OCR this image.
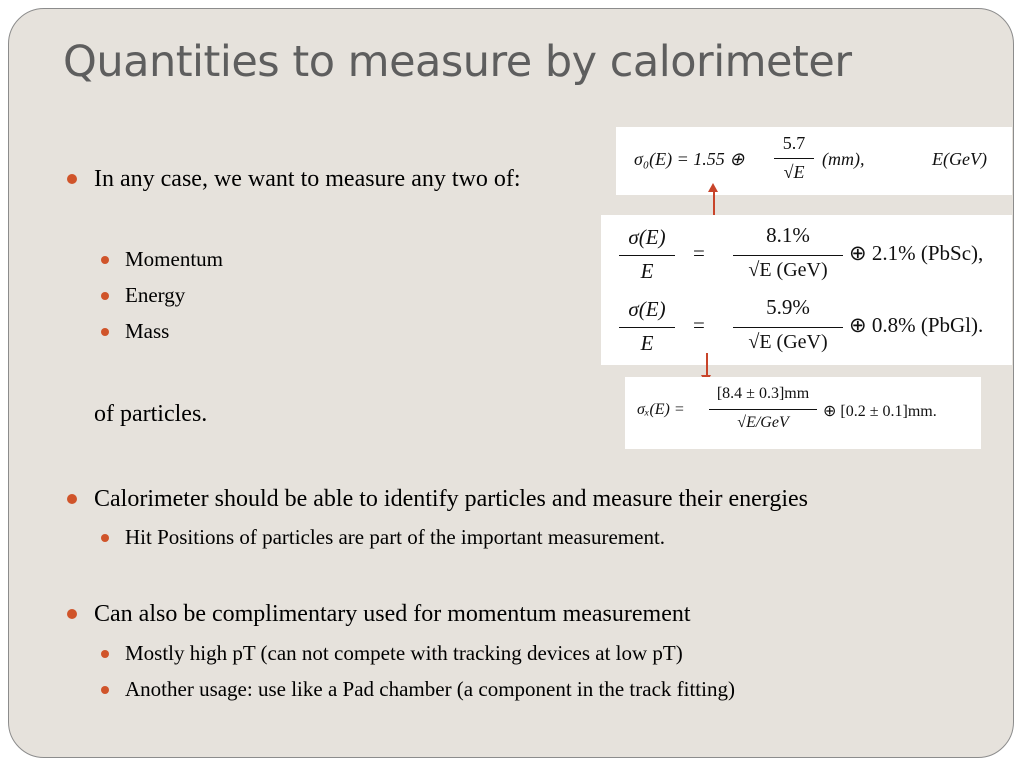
Quantities to measure by calorimeter
In any case, we want to measure any two of:
Momentum
Energy
Mass
of particles.
Calorimeter should be able to identify particles and measure their energies
Hit Positions of particles are part of the important measurement.
Can also be complimentary used for momentum measurement
Mostly high pT (can not compete with tracking devices at low pT)
Another usage: use like a Pad chamber (a component in the track fitting)
σ₀(E) = 1.55 ⊕
5.7
√E
(mm),	E(GeV)
σ(E)
E
=
8.1%
√E (GeV)
⊕ 2.1% (PbSc),
σ(E)
E
=
5.9%
√E (GeV)
⊕ 0.8% (PbGl).
σₓ(E) =
[8.4 ± 0.3]mm
√E/GeV
⊕ [0.2 ± 0.1]mm.
